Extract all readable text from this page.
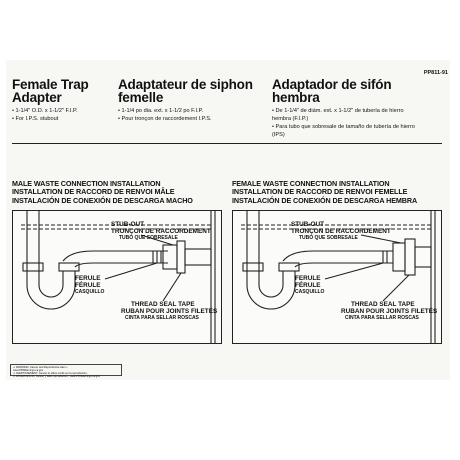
PP811-91
Female Trap Adapter
• 1-1/4" O.D. x 1-1/2" F.I.P.
• For I.P.S. stubout
Adaptateur de siphon femelle
• 1-1/4 po dia. ext. x 1-1/2 po F.I.P.
• Pour tronçon de raccordement I.P.S.
Adaptador de sifón hembra
• De 1-1/4" de diám. ext. x 1-1/2" de tubería de hierro hembra (F.I.P.)
• Para tubo que sobresale de tamaño de tubería de hierro (IPS)
MALE WASTE CONNECTION INSTALLATION
INSTALLATION DE RACCORD DE RENVOI MÂLE
INSTALACIÓN DE CONEXIÓN DE DESCARGA MACHO
FEMALE WASTE CONNECTION INSTALLATION
INSTALLATION DE RACCORD DE RENVOI FEMELLE
INSTALACIÓN DE CONEXIÓN DE DESCARGA HEMBRA
STUB-OUT
TRONÇON DE RACCORDEMENT
TUBO QUE SOBRESALE
FERULE
FÉRULE
CASQUILLO
THREAD SEAL TAPE
RUBAN POUR JOINTS FILETÉS
CINTA PARA SELLAR ROSCAS
STUB-OUT
TRONÇON DE RACCORDEMENT
TUBO QUE SOBRESALE
FERULE
FÉRULE
CASQUILLO
THREAD SEAL TAPE
RUBAN POUR JOINTS FILETÉS
CINTA PARA SELLAR ROSCAS
⚠ WARNING: Cancer and Reproductive Harm -
www.P65Warnings.ca.gov
⚠ AVERTISSEMENT: Cancer et effets nocifs sur la reproduction -
⚠ ADVERTENCIA: Cáncer y daño reproductivo - www.P65Warnings.ca.gov
